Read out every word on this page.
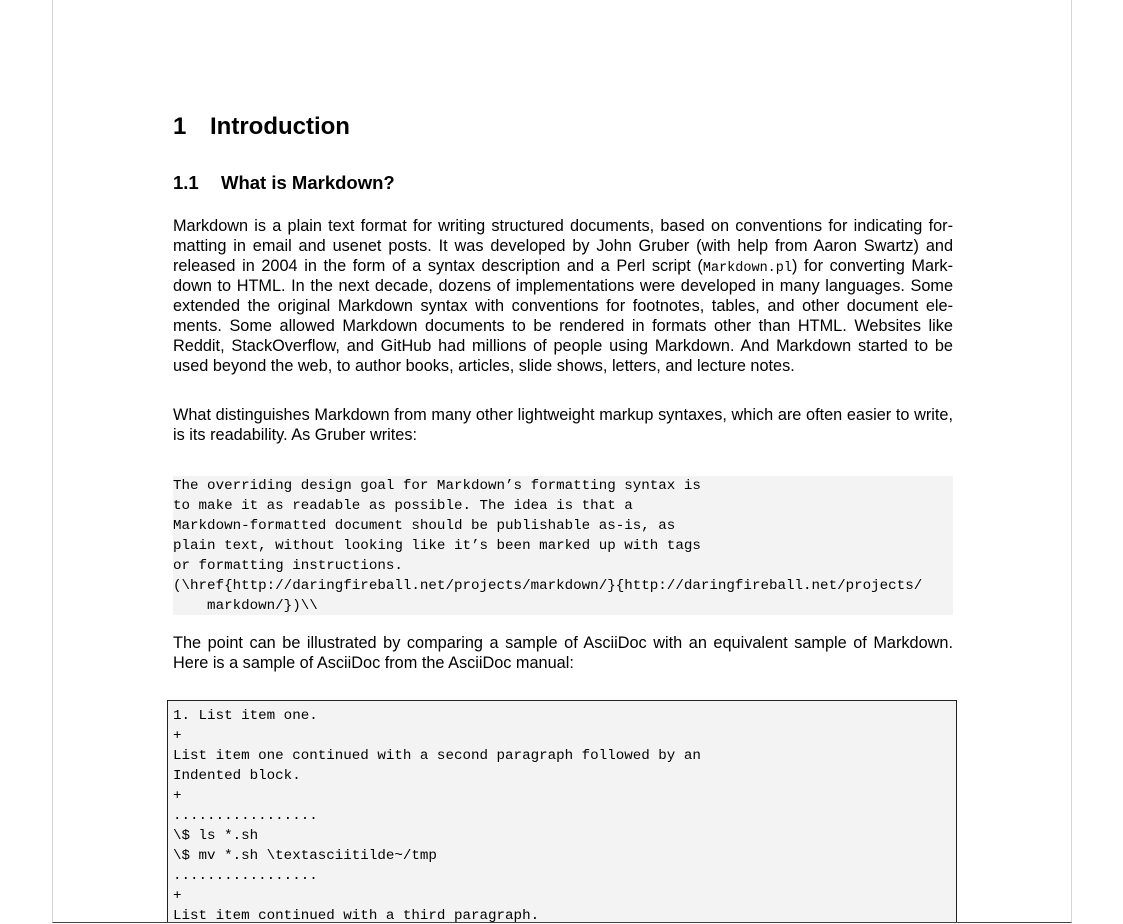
1 Introduction
1.1 What is Markdown?
Markdown is a plain text format for writing structured documents, based on conventions for indicating for-
matting in email and usenet posts. It was developed by John Gruber (with help from Aaron Swartz) and
released in 2004 in the form of a syntax description and a Perl script (Markdown.pl) for converting Mark-
down to HTML. In the next decade, dozens of implementations were developed in many languages. Some
extended the original Markdown syntax with conventions for footnotes, tables, and other document ele-
ments. Some allowed Markdown documents to be rendered in formats other than HTML. Websites like
Reddit, StackOverflow, and GitHub had millions of people using Markdown. And Markdown started to be
used beyond the web, to author books, articles, slide shows, letters, and lecture notes.
What distinguishes Markdown from many other lightweight markup syntaxes, which are often easier to write,
is its readability. As Gruber writes:
The overriding design goal for Markdown’s formatting syntax is
to make it as readable as possible. The idea is that a
Markdown-formatted document should be publishable as-is, as
plain text, without looking like it’s been marked up with tags
or formatting instructions.
(\href{http://daringfireball.net/projects/markdown/}{http://daringfireball.net/projects/
markdown/})\\
The point can be illustrated by comparing a sample of AsciiDoc with an equivalent sample of Markdown.
Here is a sample of AsciiDoc from the AsciiDoc manual:
1. List item one.
+
List item one continued with a second paragraph followed by an
Indented block.
+
.................
\$ ls *.sh
\$ mv *.sh \textasciitilde~/tmp
.................
+
List item continued with a third paragraph.
